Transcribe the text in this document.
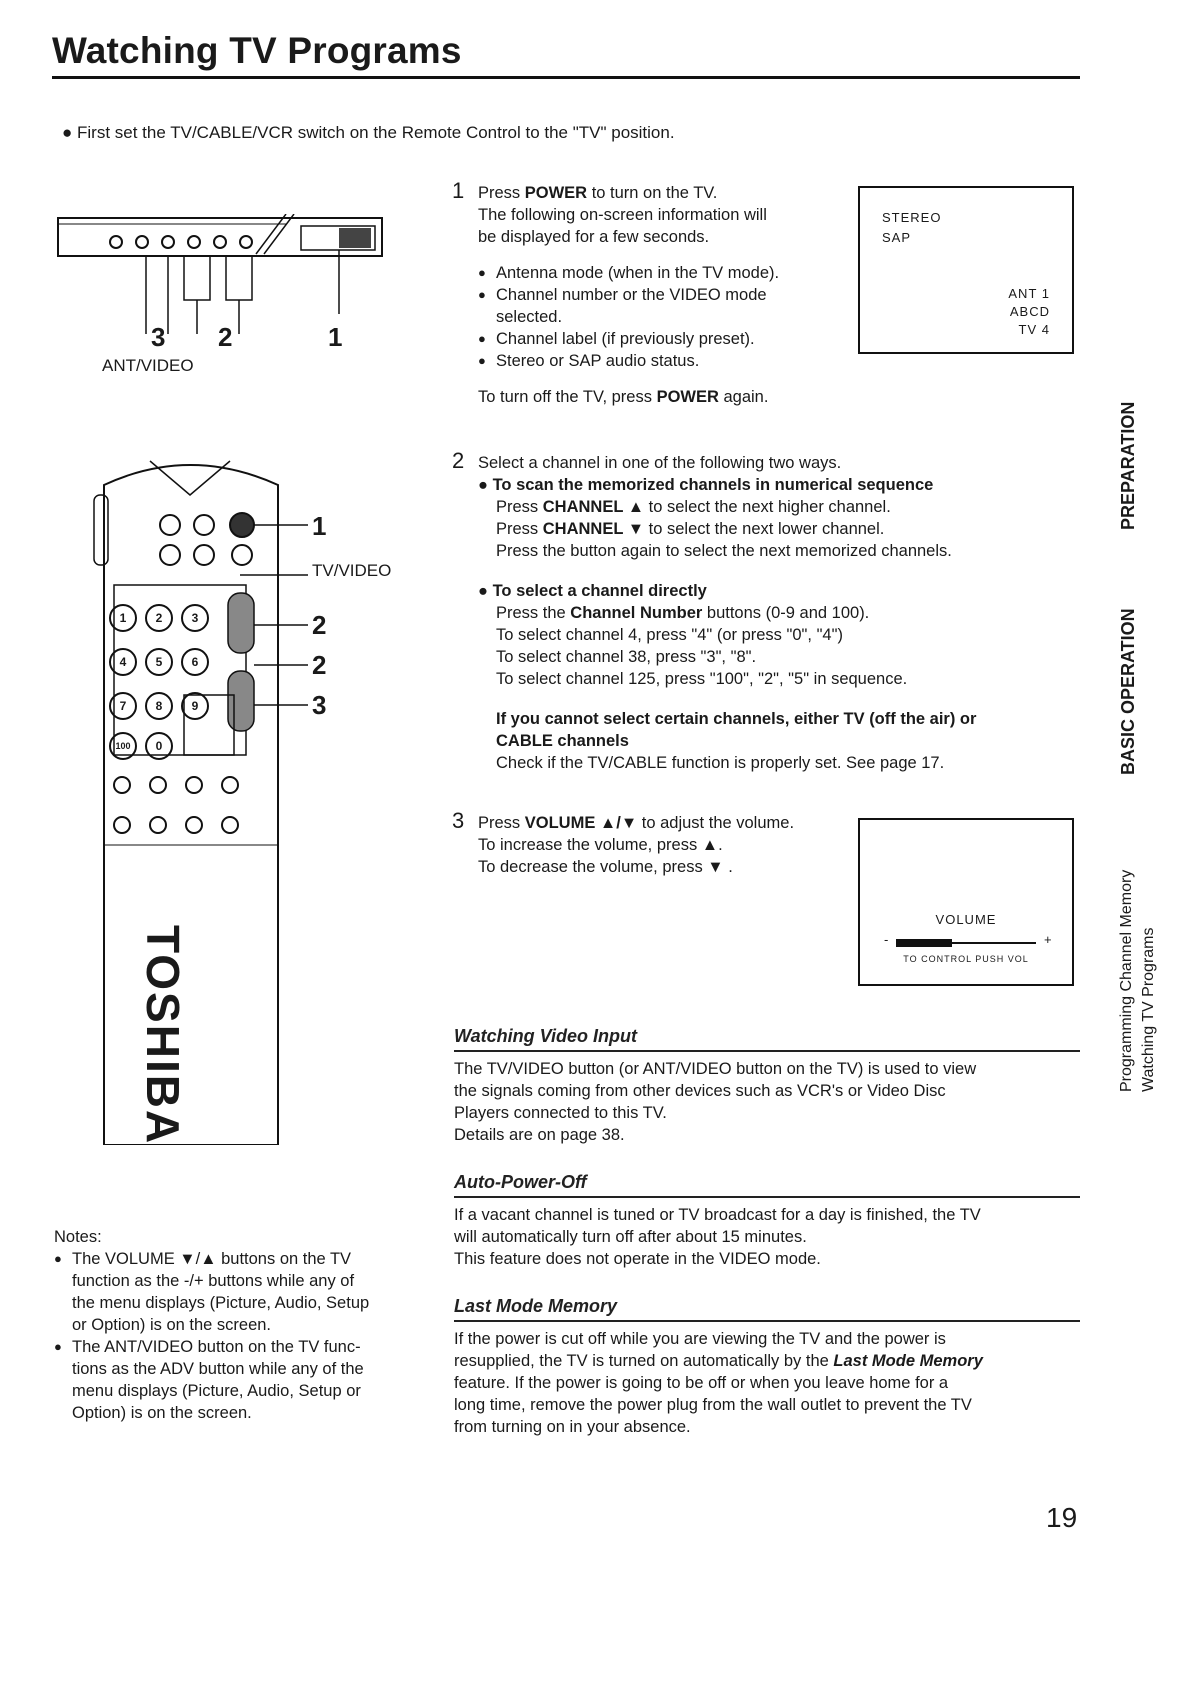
Watching TV Programs
● First set the TV/CABLE/VCR switch on the Remote Control to the "TV" position.
3 2	1
ANT/VIDEO
1	2	3
4	5	6
7	8	9
100	0
TOSHIBA
1
TV/VIDEO
2
2
3
1 Press POWER to turn on the TV.
The following on-screen information will
be displayed for a few seconds.
● Antenna mode (when in the TV mode).
● Channel number or the VIDEO mode selected.
● Channel label (if previously preset).
● Stereo or SAP audio status.
To turn off the TV, press POWER again.
STEREO
SAP
ANT 1
ABCD
TV 4
2 Select a channel in one of the following two ways.
● To scan the memorized channels in numerical sequence
Press CHANNEL ▲ to select the next higher channel.
Press CHANNEL ▼ to select the next lower channel.
Press the button again to select the next memorized channels.
● To select a channel directly
Press the Channel Number buttons (0-9 and 100).
To select channel 4, press "4" (or press "0", "4")
To select channel 38, press "3", "8".
To select channel 125, press "100", "2", "5" in sequence.
If you cannot select certain channels, either TV (off the air) or
CABLE channels
Check if the TV/CABLE function is properly set. See page 17.
3 Press VOLUME ▲/▼ to adjust the volume.
To increase the volume, press ▲.
To decrease the volume, press ▼ .
VOLUME
-	+
TO CONTROL PUSH VOL
Watching Video Input
The TV/VIDEO button (or ANT/VIDEO button on the TV) is used to view
the signals coming from other devices such as VCR's or Video Disc
Players connected to this TV.
Details are on page 38.
Auto-Power-Off
If a vacant channel is tuned or TV broadcast for a day is finished, the TV
will automatically turn off after about 15 minutes.
This feature does not operate in the VIDEO mode.
Last Mode Memory
If the power is cut off while you are viewing the TV and the power is
resupplied, the TV is turned on automatically by the Last Mode Memory
feature. If the power is going to be off or when you leave home for a
long time, remove the power plug from the wall outlet to prevent the TV
from turning on in your absence.
Notes:
● The VOLUME ▼/▲ buttons on the TV
function as the -/+ buttons while any of
the menu displays (Picture, Audio, Setup
or Option) is on the screen.
● The ANT/VIDEO button on the TV func-
tions as the ADV button while any of the
menu displays (Picture, Audio, Setup or
Option) is on the screen.
PREPARATION
BASIC OPERATION
Programming Channel Memory Watching TV Programs
19
